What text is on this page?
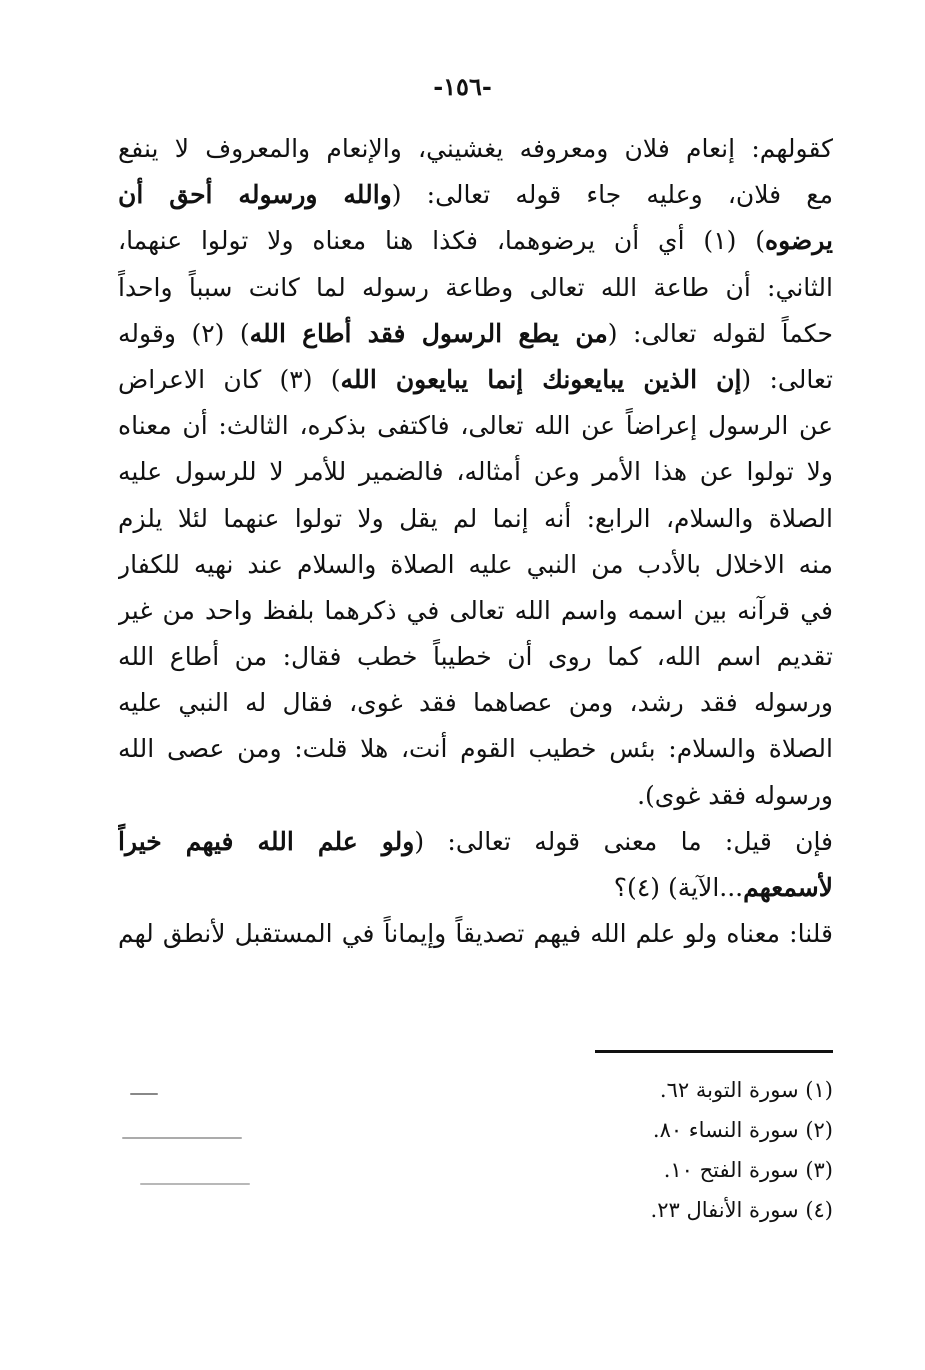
-١٥٦-
كقولهم: إنعام فلان ومعروفه يغشيني، والإنعام والمعروف لا ينفع
مع فلان، وعليه جاء قوله تعالى: (والله ورسوله أحق أن
يرضوه) (١) أي أن يرضوهما، فكذا هنا معناه ولا تولوا عنهما،
الثاني: أن طاعة الله تعالى وطاعة رسوله لما كانت سبباً واحداً
حكماً لقوله تعالى: (من يطع الرسول فقد أطاع الله) (٢) وقوله
تعالى: (إن الذين يبايعونك إنما يبايعون الله) (٣) كان الاعراض
عن الرسول إعراضاً عن الله تعالى، فاكتفى بذكره، الثالث: أن معناه
ولا تولوا عن هذا الأمر وعن أمثاله، فالضمير للأمر لا للرسول عليه
الصلاة والسلام، الرابع: أنه إنما لم يقل ولا تولوا عنهما لئلا يلزم
منه الاخلال بالأدب من النبي عليه الصلاة والسلام عند نهيه للكفار
في قرآنه بين اسمه واسم الله تعالى في ذكرهما بلفظ واحد من غير
تقديم اسم الله، كما روى أن خطيباً خطب فقال: من أطاع الله
ورسوله فقد رشد، ومن عصاهما فقد غوى، فقال له النبي عليه
الصلاة والسلام: بئس خطيب القوم أنت، هلا قلت: ومن عصى الله
ورسوله فقد غوى).
فإن قيل: ما معنى قوله تعالى: (ولو علم الله فيهم خيراً
لأسمعهم...الآية) (٤)؟
قلنا: معناه ولو علم الله فيهم تصديقاً وإيماناً في المستقبل لأنطق لهم
(١) سورة التوبة ٦٢.
(٢) سورة النساء ٨٠.
(٣) سورة الفتح ١٠.
(٤) سورة الأنفال ٢٣.
